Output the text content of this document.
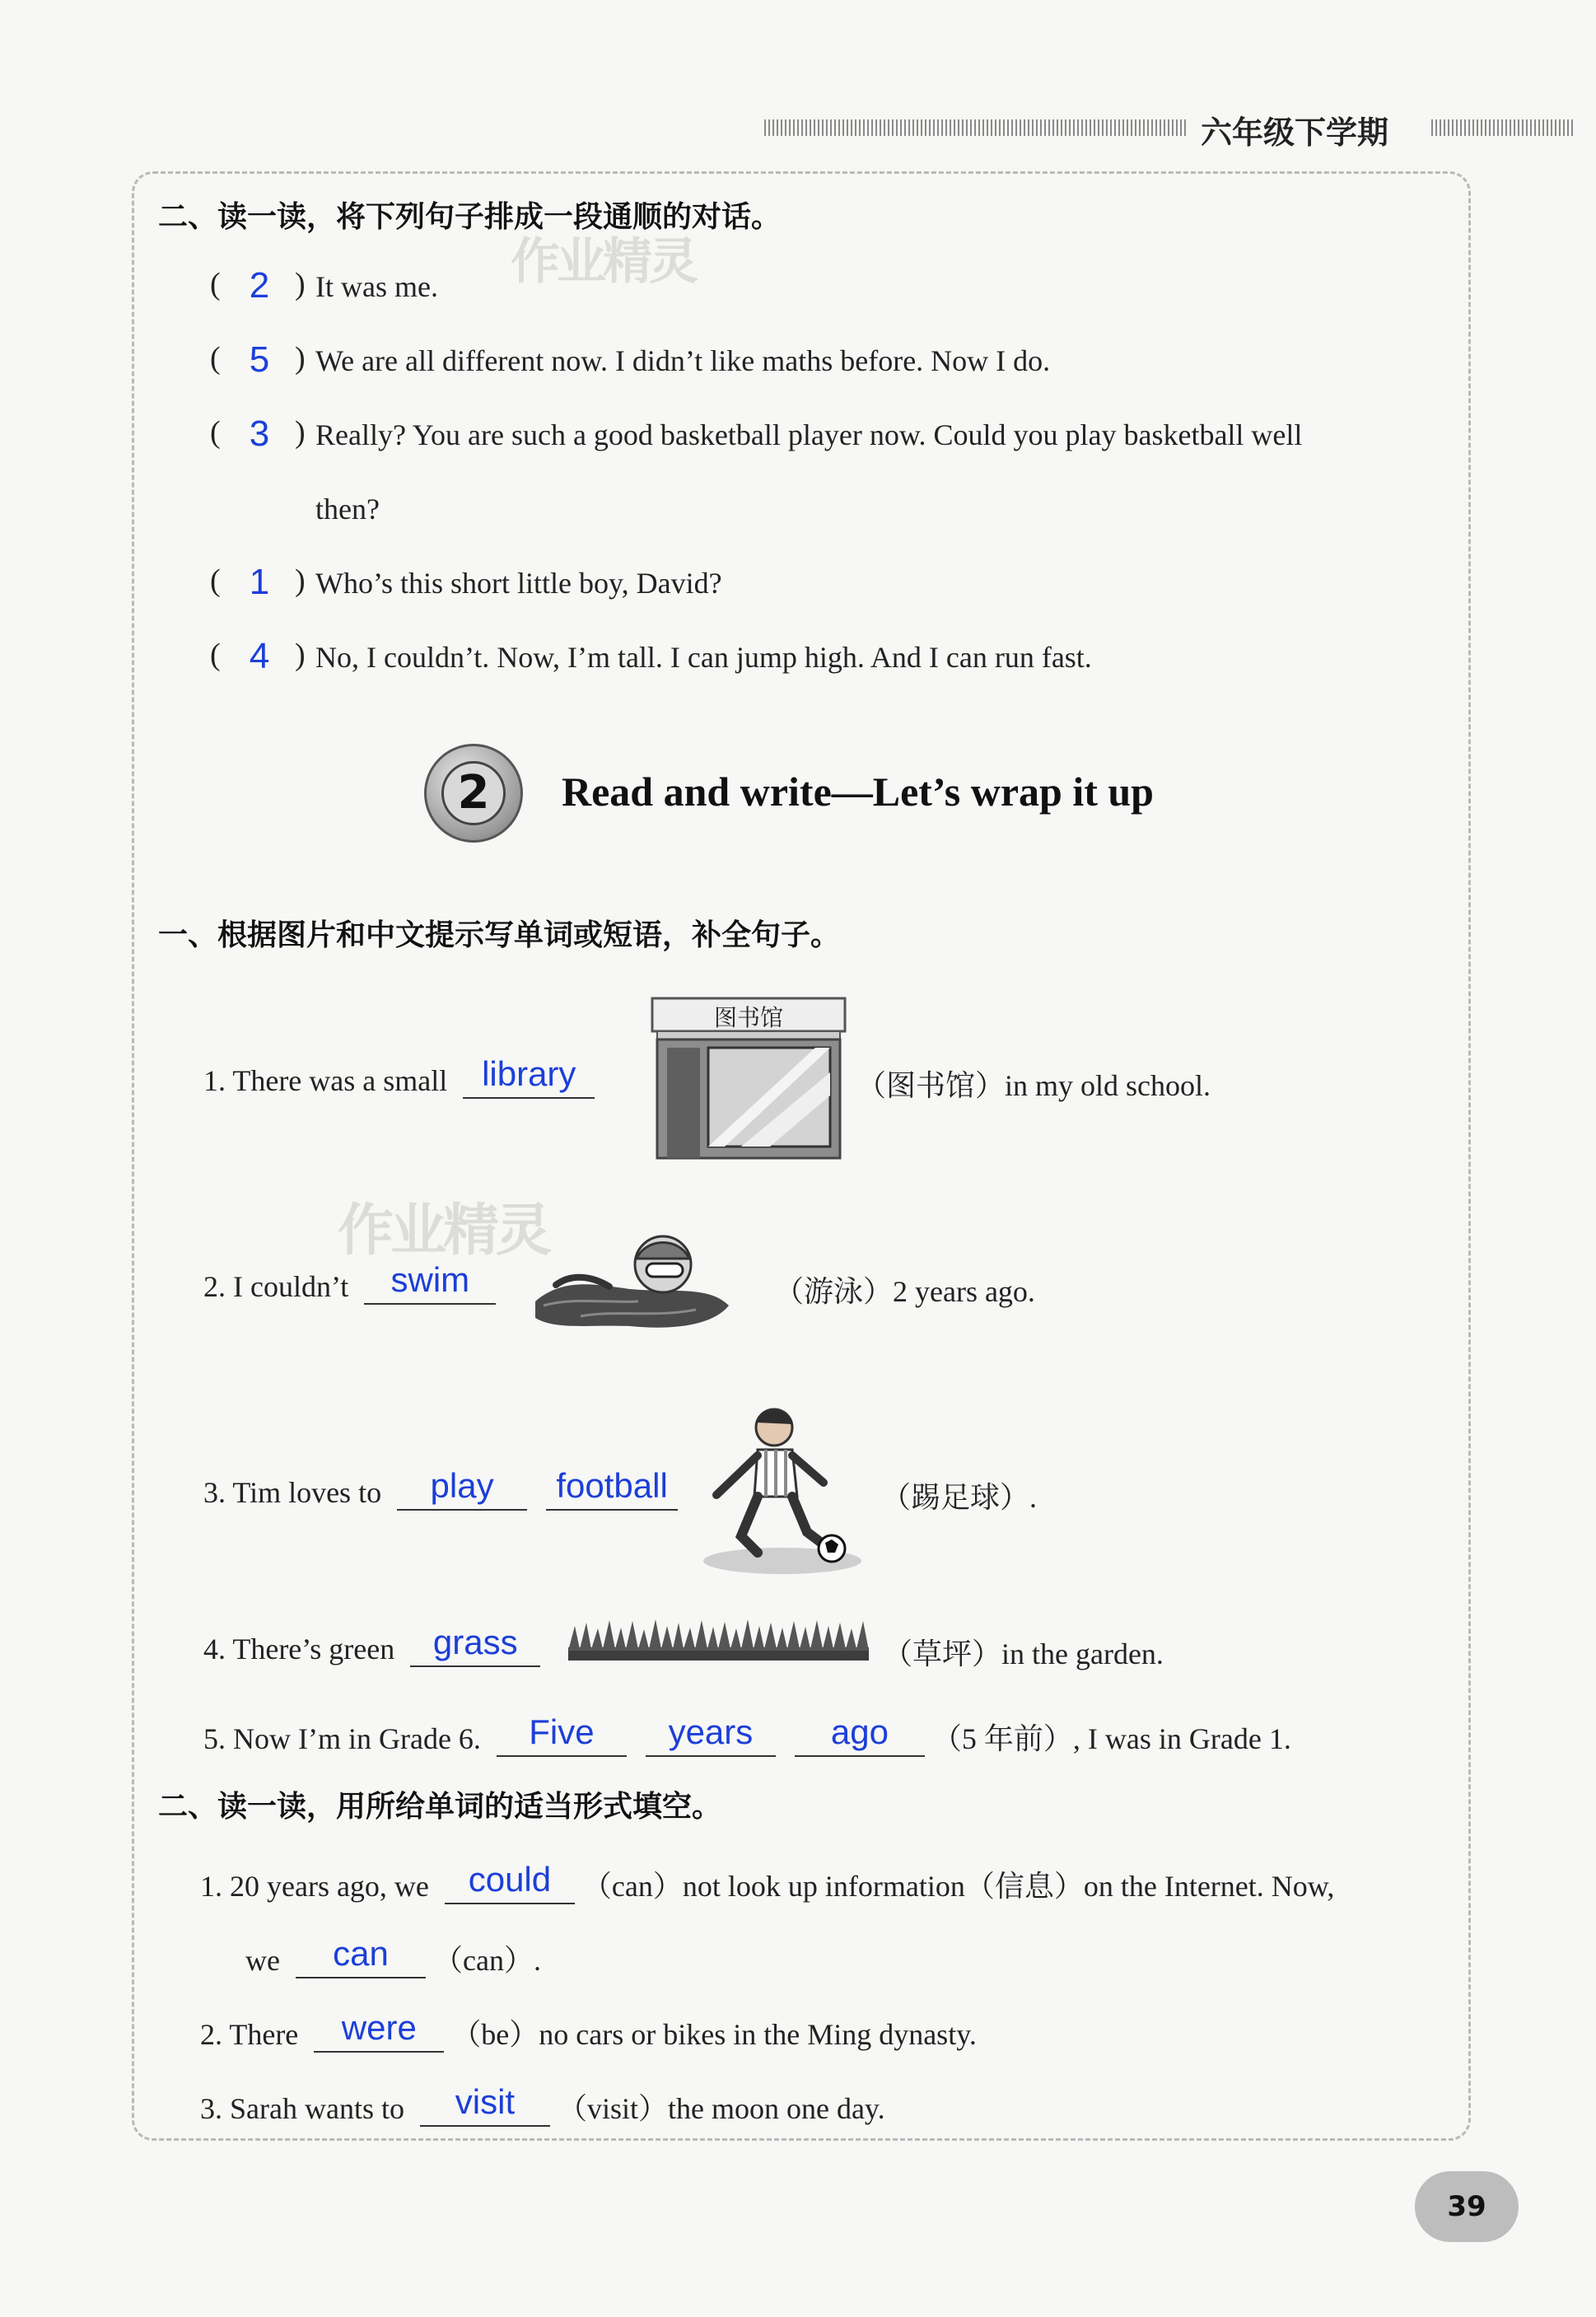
六年级下学期
作业精灵
作业精灵
二、读一读，将下列句子排成一段通顺的对话。
( 2 ) It was me.
( 5 ) We are all different now. I didn’t like maths before. Now I do.
( 3 ) Really? You are such a good basketball player now. Could you play basketball well
then?
( 1 ) Who’s this short little boy, David?
( 4 ) No, I couldn’t. Now, I’m tall. I can jump high. And I can run fast.
2	Read and write—Let’s wrap it up
一、根据图片和中文提示写单词或短语，补全句子。
1. There was a small library
图书馆
（图书馆）in my old school.
2. I couldn’t swim	（游泳）2 years ago.
3. Tim loves to play football	（踢足球）.
4. There’s green grass	（草坪）in the garden.
5. Now I’m in Grade 6. Five years ago （5 年前）, I was in Grade 1.
二、读一读，用所给单词的适当形式填空。
1. 20 years ago, we could （can）not look up information（信息）on the Internet. Now,
we can （can）.
2. There were （be）no cars or bikes in the Ming dynasty.
3. Sarah wants to visit （visit）the moon one day.
39
